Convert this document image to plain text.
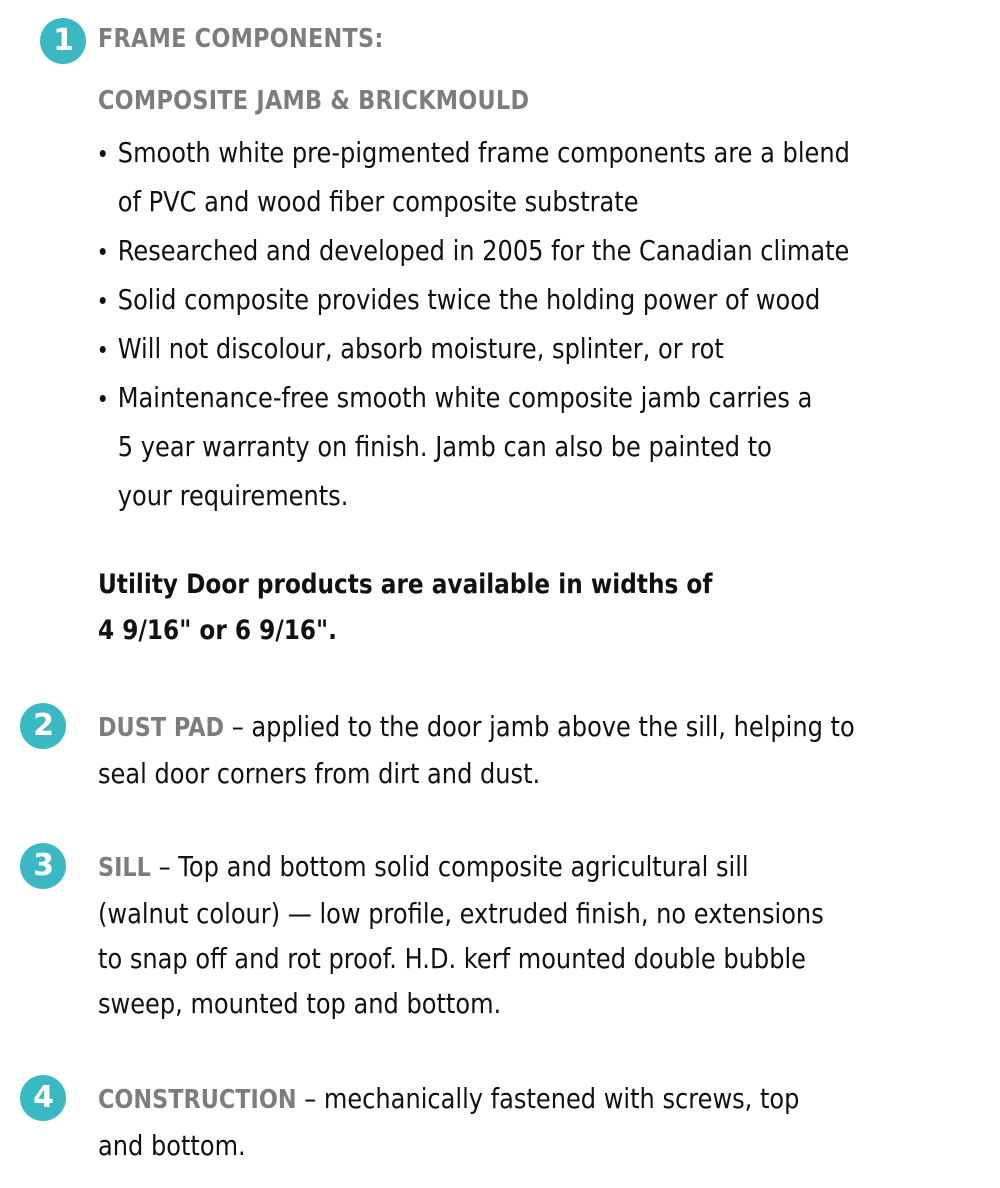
1 FRAME COMPONENTS:
COMPOSITE JAMB & BRICKMOULD
Smooth white pre-pigmented frame components are a blend
of PVC and wood fiber composite substrate
Researched and developed in 2005 for the Canadian climate
Solid composite provides twice the holding power of wood
Will not discolour, absorb moisture, splinter, or rot
Maintenance-free smooth white composite jamb carries a
5 year warranty on finish. Jamb can also be painted to
your requirements.
Utility Door products are available in widths of
4 9/16" or 6 9/16".
2	DUST PAD – applied to the door jamb above the sill, helping to
seal door corners from dirt and dust.
3	SILL – Top and bottom solid composite agricultural sill
(walnut colour) — low profile, extruded finish, no extensions
to snap off and rot proof. H.D. kerf mounted double bubble
sweep, mounted top and bottom.
4	CONSTRUCTION – mechanically fastened with screws, top
and bottom.
